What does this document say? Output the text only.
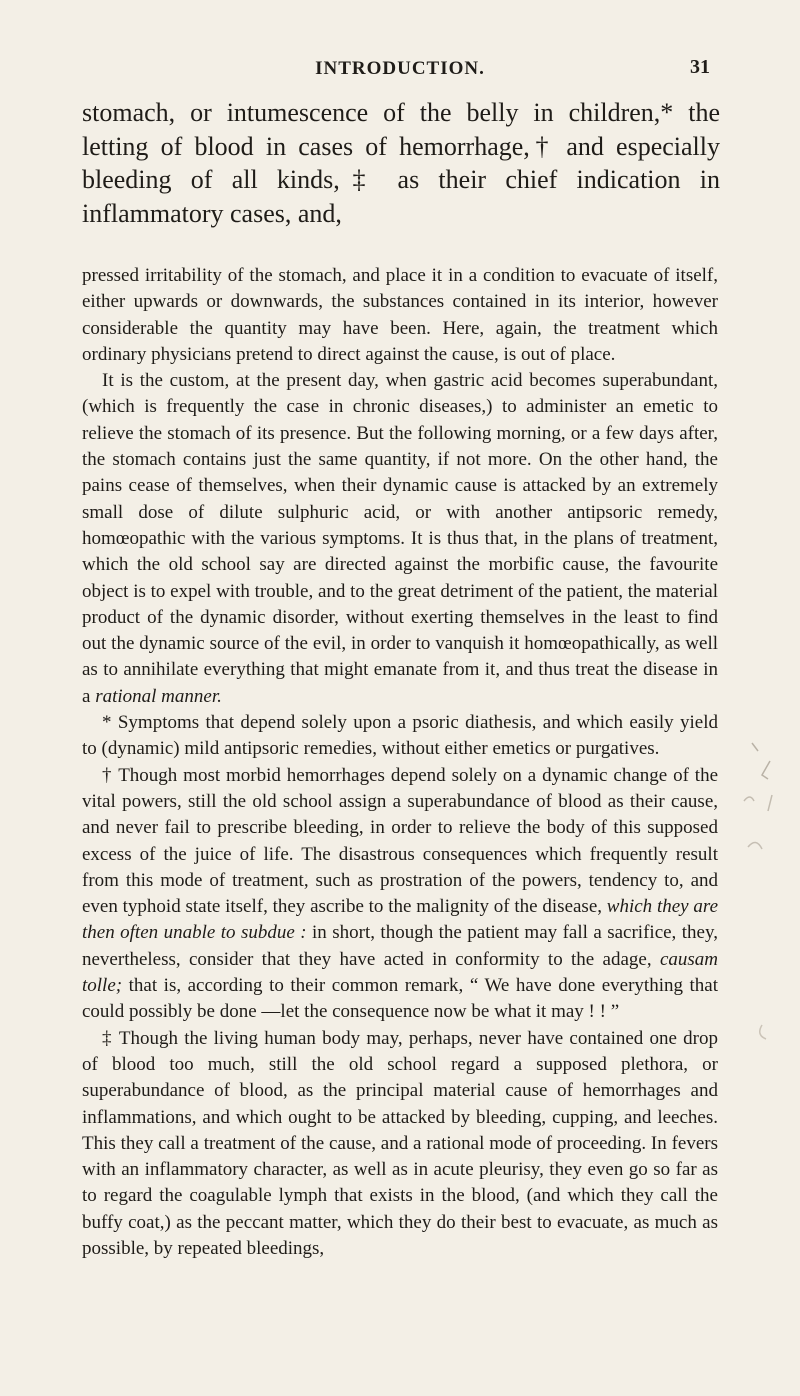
INTRODUCTION.	31

stomach, or intumescence of the belly in children,* the letting of blood in cases of hemorrhage,† and especially bleeding of all kinds,‡ as their chief indication in inflammatory cases, and,

pressed irritability of the stomach, and place it in a condition to evacuate of itself, either upwards or downwards, the substances contained in its interior, however considerable the quantity may have been. Here, again, the treatment which ordinary physicians pretend to direct against the cause, is out of place.

It is the custom, at the present day, when gastric acid becomes superabundant, (which is frequently the case in chronic diseases,) to administer an emetic to relieve the stomach of its presence. But the following morning, or a few days after, the stomach contains just the same quantity, if not more. On the other hand, the pains cease of themselves, when their dynamic cause is attacked by an extremely small dose of dilute sulphuric acid, or with another antipsoric remedy, homœopathic with the various symptoms. It is thus that, in the plans of treatment, which the old school say are directed against the morbific cause, the favourite object is to expel with trouble, and to the great detriment of the patient, the material product of the dynamic disorder, without exerting themselves in the least to find out the dynamic source of the evil, in order to vanquish it homœopathically, as well as to annihilate everything that might emanate from it, and thus treat the disease in a rational manner.

* Symptoms that depend solely upon a psoric diathesis, and which easily yield to (dynamic) mild antipsoric remedies, without either emetics or purgatives.

† Though most morbid hemorrhages depend solely on a dynamic change of the vital powers, still the old school assign a superabundance of blood as their cause, and never fail to prescribe bleeding, in order to relieve the body of this supposed excess of the juice of life. The disastrous consequences which frequently result from this mode of treatment, such as prostration of the powers, tendency to, and even typhoid state itself, they ascribe to the malignity of the disease, which they are then often unable to subdue : in short, though the patient may fall a sacrifice, they, nevertheless, consider that they have acted in conformity to the adage, causam tolle; that is, according to their common remark, “ We have done everything that could possibly be done —let the consequence now be what it may ! ! ”

‡ Though the living human body may, perhaps, never have contained one drop of blood too much, still the old school regard a supposed plethora, or superabundance of blood, as the principal material cause of hemorrhages and inflammations, and which ought to be attacked by bleeding, cupping, and leeches. This they call a treatment of the cause, and a rational mode of proceeding. In fevers with an inflammatory character, as well as in acute pleurisy, they even go so far as to regard the coagulable lymph that exists in the blood, (and which they call the buffy coat,) as the peccant matter, which they do their best to evacuate, as much as possible, by repeated bleedings,
